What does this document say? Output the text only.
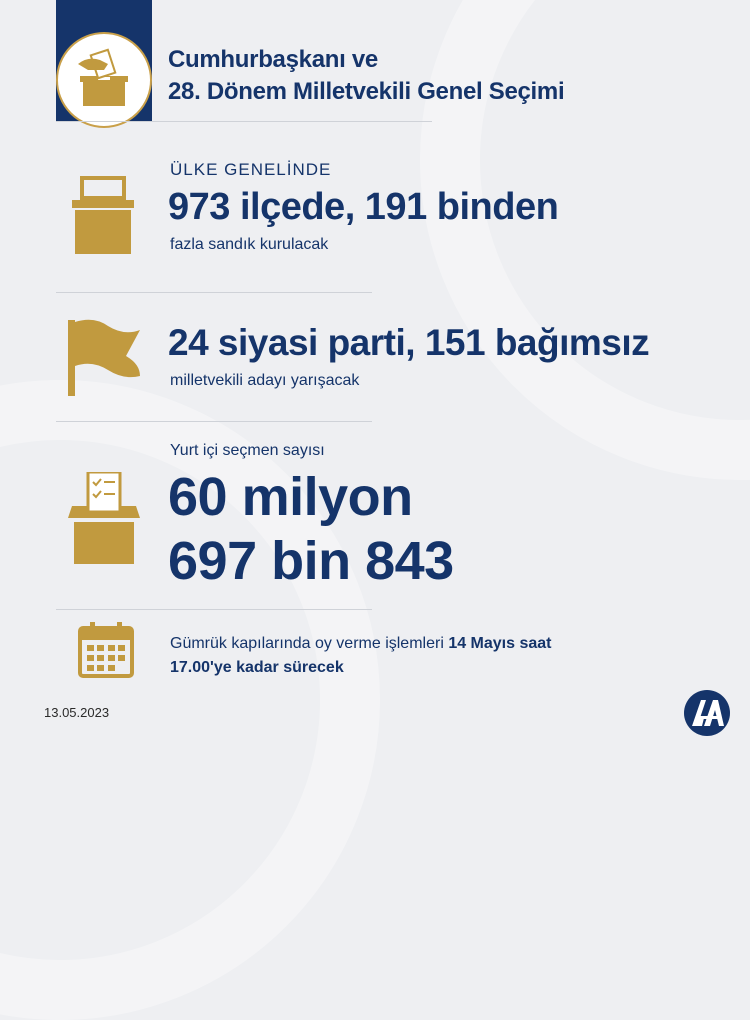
Cumhurbaşkanı ve
28. Dönem Milletvekili Genel Seçimi
ÜLKE GENELİNDE
973 ilçede, 191 binden
fazla sandık kurulacak
24 siyasi parti, 151 bağımsız
milletvekili adayı yarışacak
Yurt içi seçmen sayısı
60 milyon
697 bin 843
Gümrük kapılarında oy verme işlemleri 14 Mayıs saat
17.00'ye kadar sürecek
13.05.2023
